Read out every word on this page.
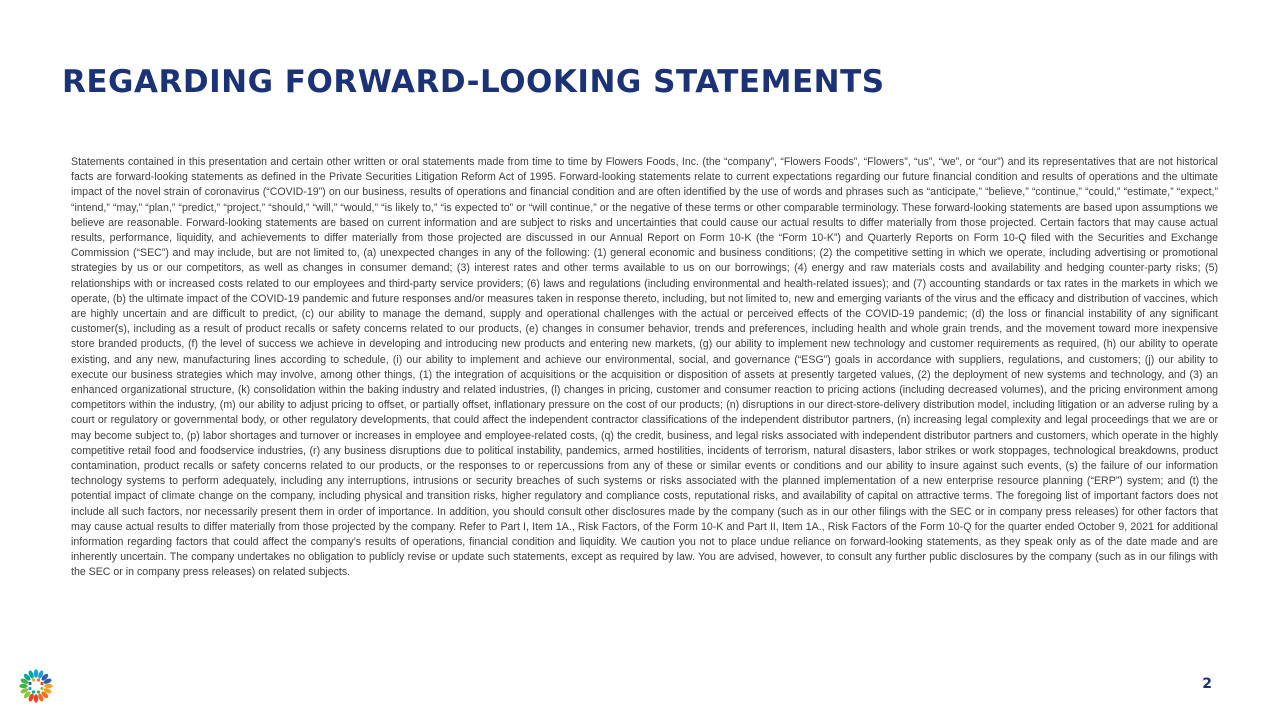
REGARDING FORWARD-LOOKING STATEMENTS

Statements contained in this presentation and certain other written or oral statements made from time to time by Flowers Foods, Inc. (the “company”, “Flowers Foods”, “Flowers”, “us”, “we”, or “our”) and its representatives that are not historical facts are forward-looking statements as defined in the Private Securities Litigation Reform Act of 1995. Forward-looking statements relate to current expectations regarding our future financial condition and results of operations and the ultimate impact of the novel strain of coronavirus (“COVID-19”) on our business, results of operations and financial condition and are often identified by the use of words and phrases such as “anticipate,” “believe,” “continue,” “could,” “estimate,” “expect,” “intend,” “may,” “plan,” “predict,” “project,” “should,” “will,” “would,” “is likely to,” “is expected to” or “will continue,” or the negative of these terms or other comparable terminology. These forward-looking statements are based upon assumptions we believe are reasonable. Forward-looking statements are based on current information and are subject to risks and uncertainties that could cause our actual results to differ materially from those projected. Certain factors that may cause actual results, performance, liquidity, and achievements to differ materially from those projected are discussed in our Annual Report on Form 10-K (the “Form 10-K”) and Quarterly Reports on Form 10-Q filed with the Securities and Exchange Commission (“SEC”) and may include, but are not limited to, (a) unexpected changes in any of the following: (1) general economic and business conditions; (2) the competitive setting in which we operate, including advertising or promotional strategies by us or our competitors, as well as changes in consumer demand; (3) interest rates and other terms available to us on our borrowings; (4) energy and raw materials costs and availability and hedging counter-party risks; (5) relationships with or increased costs related to our employees and third-party service providers; (6) laws and regulations (including environmental and health-related issues); and (7) accounting standards or tax rates in the markets in which we operate, (b) the ultimate impact of the COVID-19 pandemic and future responses and/or measures taken in response thereto, including, but not limited to, new and emerging variants of the virus and the efficacy and distribution of vaccines, which are highly uncertain and are difficult to predict, (c) our ability to manage the demand, supply and operational challenges with the actual or perceived effects of the COVID-19 pandemic; (d) the loss or financial instability of any significant customer(s), including as a result of product recalls or safety concerns related to our products, (e) changes in consumer behavior, trends and preferences, including health and whole grain trends, and the movement toward more inexpensive store branded products, (f) the level of success we achieve in developing and introducing new products and entering new markets, (g) our ability to implement new technology and customer requirements as required, (h) our ability to operate existing, and any new, manufacturing lines according to schedule, (i) our ability to implement and achieve our environmental, social, and governance (“ESG”) goals in accordance with suppliers, regulations, and customers; (j) our ability to execute our business strategies which may involve, among other things, (1) the integration of acquisitions or the acquisition or disposition of assets at presently targeted values, (2) the deployment of new systems and technology, and (3) an enhanced organizational structure, (k) consolidation within the baking industry and related industries, (l) changes in pricing, customer and consumer reaction to pricing actions (including decreased volumes), and the pricing environment among competitors within the industry, (m) our ability to adjust pricing to offset, or partially offset, inflationary pressure on the cost of our products; (n) disruptions in our direct-store-delivery distribution model, including litigation or an adverse ruling by a court or regulatory or governmental body, or other regulatory developments, that could affect the independent contractor classifications of the independent distributor partners, (n) increasing legal complexity and legal proceedings that we are or may become subject to, (p) labor shortages and turnover or increases in employee and employee-related costs, (q) the credit, business, and legal risks associated with independent distributor partners and customers, which operate in the highly competitive retail food and foodservice industries, (r) any business disruptions due to political instability, pandemics, armed hostilities, incidents of terrorism, natural disasters, labor strikes or work stoppages, technological breakdowns, product contamination, product recalls or safety concerns related to our products, or the responses to or repercussions from any of these or similar events or conditions and our ability to insure against such events, (s) the failure of our information technology systems to perform adequately, including any interruptions, intrusions or security breaches of such systems or risks associated with the planned implementation of a new enterprise resource planning (“ERP”) system; and (t) the potential impact of climate change on the company, including physical and transition risks, higher regulatory and compliance costs, reputational risks, and availability of capital on attractive terms. The foregoing list of important factors does not include all such factors, nor necessarily present them in order of importance. In addition, you should consult other disclosures made by the company (such as in our other filings with the SEC or in company press releases) for other factors that may cause actual results to differ materially from those projected by the company. Refer to Part I, Item 1A., Risk Factors, of the Form 10-K and Part II, Item 1A., Risk Factors of the Form 10-Q for the quarter ended October 9, 2021 for additional information regarding factors that could affect the company’s results of operations, financial condition and liquidity. We caution you not to place undue reliance on forward-looking statements, as they speak only as of the date made and are inherently uncertain. The company undertakes no obligation to publicly revise or update such statements, except as required by law. You are advised, however, to consult any further public disclosures by the company (such as in our filings with the SEC or in company press releases) on related subjects.

2
